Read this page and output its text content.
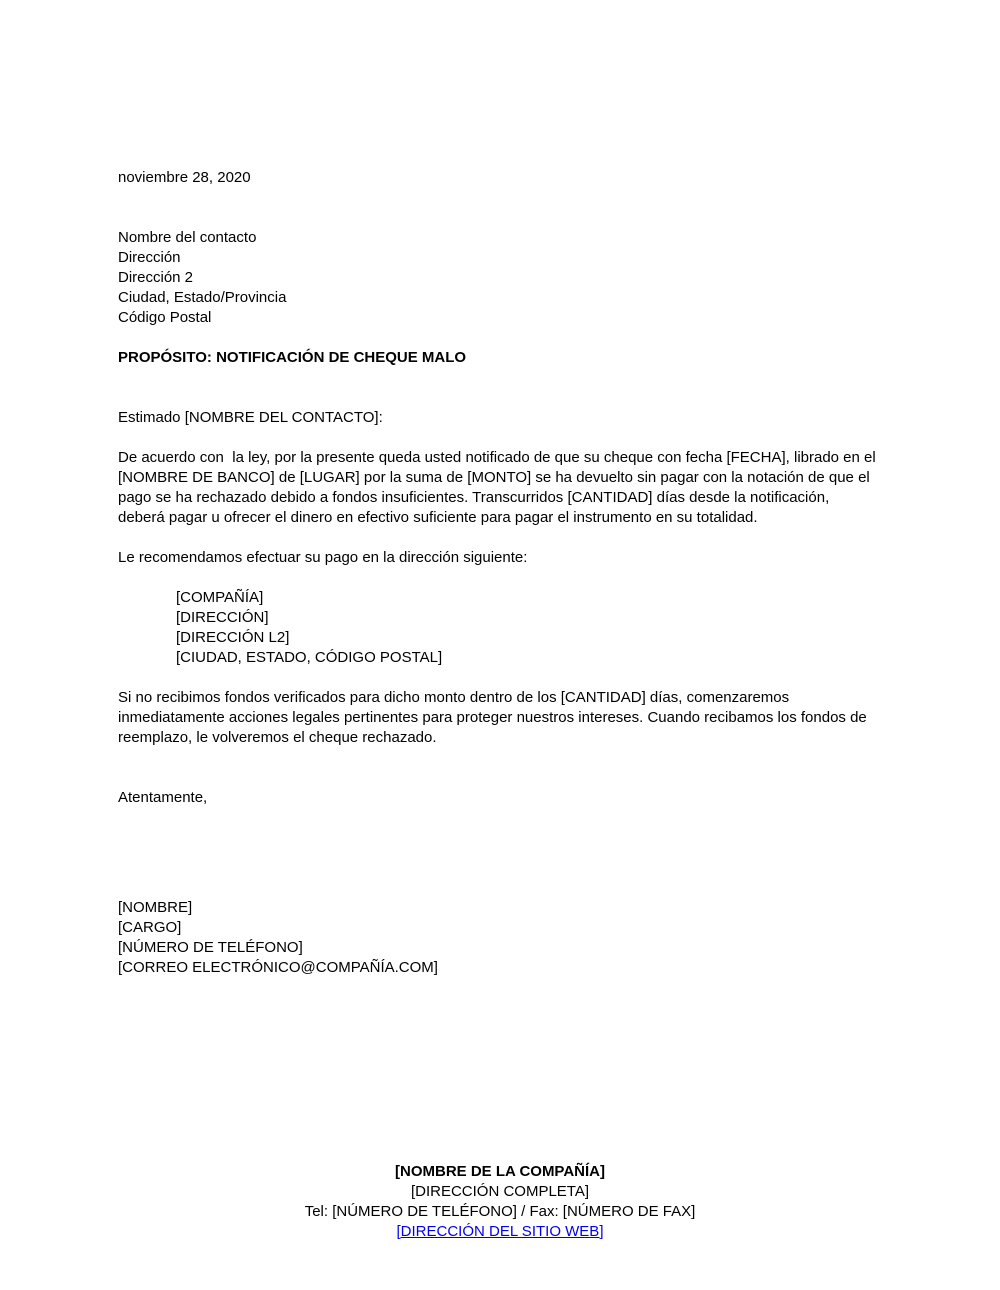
noviembre 28, 2020
Nombre del contacto
Dirección
Dirección 2
Ciudad, Estado/Provincia
Código Postal
PROPÓSITO: NOTIFICACIÓN DE CHEQUE MALO
Estimado [NOMBRE DEL CONTACTO]:
De acuerdo con  la ley, por la presente queda usted notificado de que su cheque con fecha [FECHA], librado en el [NOMBRE DE BANCO] de [LUGAR] por la suma de [MONTO] se ha devuelto sin pagar con la notación de que el pago se ha rechazado debido a fondos insuficientes. Transcurridos [CANTIDAD] días desde la notificación, deberá pagar u ofrecer el dinero en efectivo suficiente para pagar el instrumento en su totalidad.
Le recomendamos efectuar su pago en la dirección siguiente:
[COMPAÑÍA]
[DIRECCIÓN]
[DIRECCIÓN L2]
[CIUDAD, ESTADO, CÓDIGO POSTAL]
Si no recibimos fondos verificados para dicho monto dentro de los [CANTIDAD] días, comenzaremos inmediatamente acciones legales pertinentes para proteger nuestros intereses. Cuando recibamos los fondos de reemplazo, le volveremos el cheque rechazado.
Atentamente,
[NOMBRE]
[CARGO]
[NÚMERO DE TELÉFONO]
[CORREO ELECTRÓNICO@COMPAÑÍA.COM]
[NOMBRE DE LA COMPAÑÍA]
[DIRECCIÓN COMPLETA]
Tel: [NÚMERO DE TELÉFONO] / Fax: [NÚMERO DE FAX]
[DIRECCIÓN DEL SITIO WEB]
